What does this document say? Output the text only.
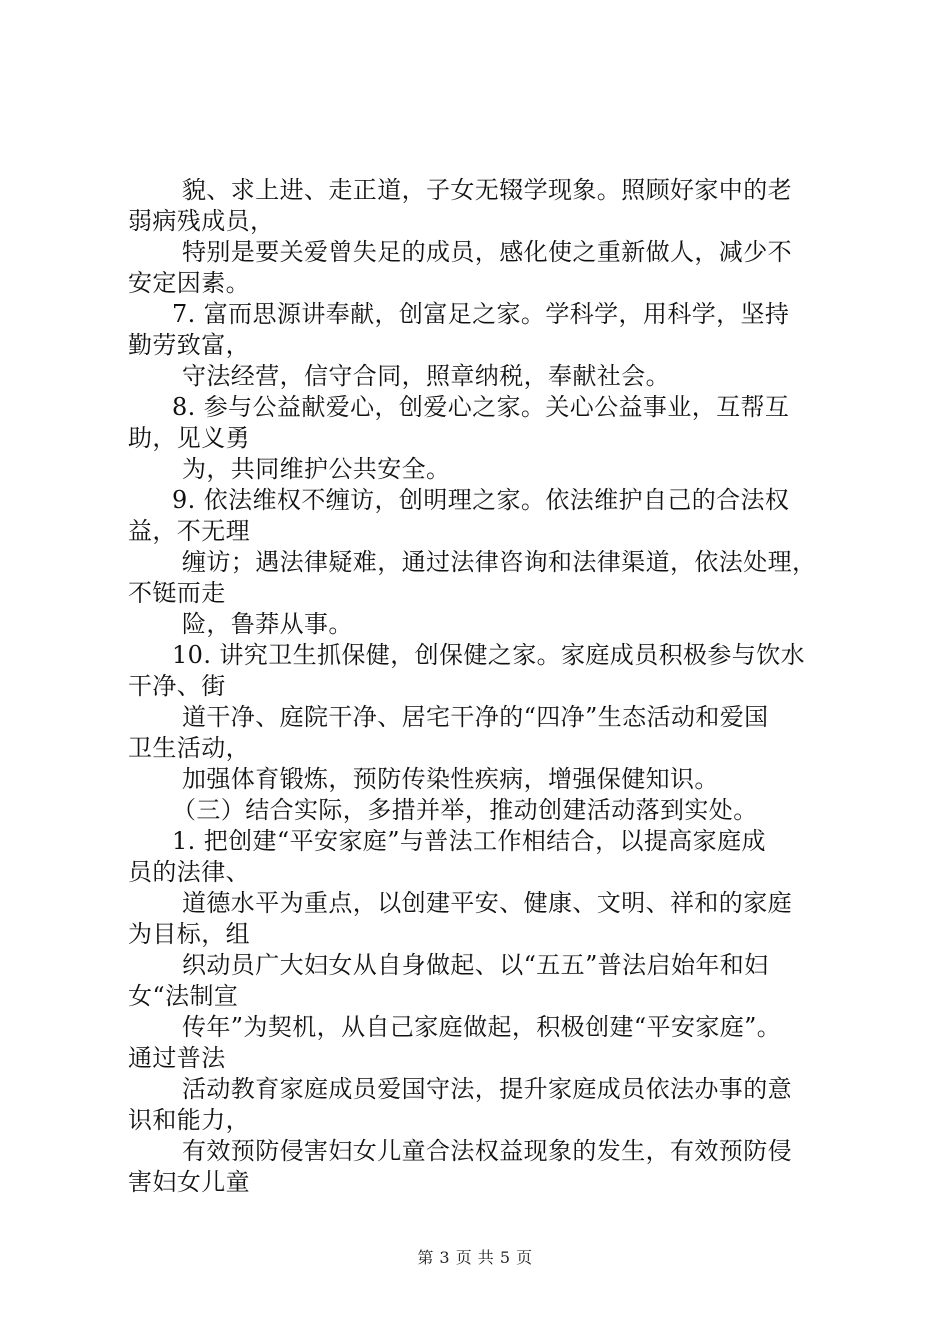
貌、求上进、走正道，子女无辍学现象。照顾好家中的老
弱病残成员，
特别是要关爱曾失足的成员，感化使之重新做人，减少不
安定因素。
7. 富而思源讲奉献，创富足之家。学科学，用科学，坚持
勤劳致富，
守法经营，信守合同，照章纳税，奉献社会。
8. 参与公益献爱心，创爱心之家。关心公益事业，互帮互
助，见义勇
为，共同维护公共安全。
9. 依法维权不缠访，创明理之家。依法维护自己的合法权
益，不无理
缠访；遇法律疑难，通过法律咨询和法律渠道，依法处理，
不铤而走
险，鲁莽从事。
10. 讲究卫生抓保健，创保健之家。家庭成员积极参与饮水
干净、街
道干净、庭院干净、居宅干净的“四净”生态活动和爱国
卫生活动，
加强体育锻炼，预防传染性疾病，增强保健知识。
（三）结合实际，多措并举，推动创建活动落到实处。
1. 把创建“平安家庭”与普法工作相结合，以提高家庭成
员的法律、
道德水平为重点，以创建平安、健康、文明、祥和的家庭
为目标，组
织动员广大妇女从自身做起、以“五五”普法启始年和妇
女“法制宣
传年”为契机，从自己家庭做起，积极创建“平安家庭”。
通过普法
活动教育家庭成员爱国守法，提升家庭成员依法办事的意
识和能力，
有效预防侵害妇女儿童合法权益现象的发生，有效预防侵
害妇女儿童
第 3 页 共 5 页
